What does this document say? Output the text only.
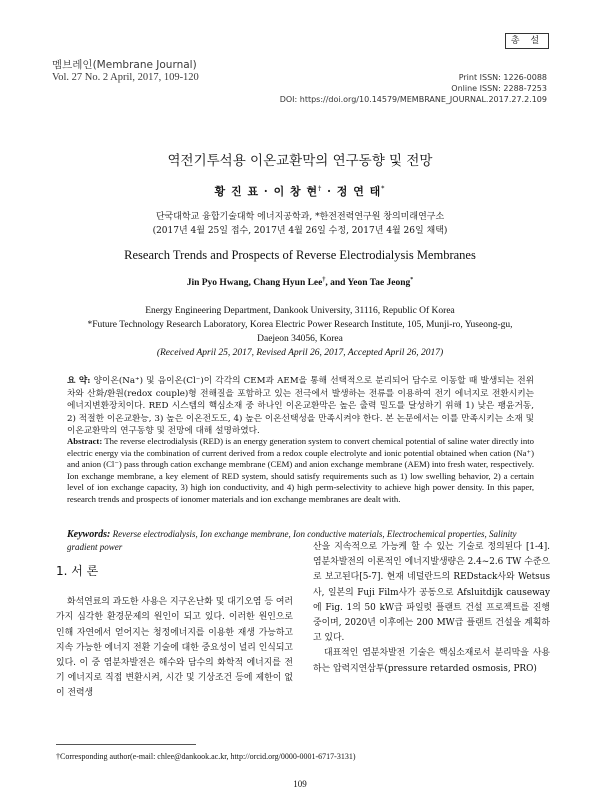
멤브레인(Membrane Journal)
Vol. 27 No. 2 April, 2017, 109-120
총 설
Print ISSN: 1226-0088
Online ISSN: 2288-7253
DOI: https://doi.org/10.14579/MEMBRANE_JOURNAL.2017.27.2.109
역전기투석용 이온교환막의 연구동향 및 전망
황 진 표 · 이 창 현† · 정 연 태*
단국대학교 융합기술대학 에너지공학과, *한전전력연구원 창의미래연구소
(2017년 4월 25일 접수, 2017년 4월 26일 수정, 2017년 4월 26일 채택)
Research Trends and Prospects of Reverse Electrodialysis Membranes
Jin Pyo Hwang, Chang Hyun Lee†, and Yeon Tae Jeong*
Energy Engineering Department, Dankook University, 31116, Republic Of Korea
*Future Technology Research Laboratory, Korea Electric Power Research Institute, 105, Munji-ro, Yuseong-gu,
Daejeon 34056, Korea
(Received April 25, 2017, Revised April 26, 2017, Accepted April 26, 2017)
요 약: 양이온(Na⁺) 및 음이온(Cl⁻)이 각각의 CEM과 AEM을 통해 선택적으로 분리되어 담수로 이동할 때 발생되는 전위차와 산화/환원(redox couple)형 전해질을 포함하고 있는 전극에서 발생하는 전류를 이용하여 전기 에너지로 전환시키는 에너지변환장치이다. RED 시스템의 핵심소재 중 하나인 이온교환막은 높은 출력 밀도를 달성하기 위해 1) 낮은 팽윤거동, 2) 적절한 이온교환능, 3) 높은 이온전도도, 4) 높은 이온선택성을 만족시켜야 한다. 본 논문에서는 이를 만족시키는 소재 및 이온교환막의 연구동향 및 전망에 대해 설명하였다.
Abstract: The reverse electrodialysis (RED) is an energy generation system to convert chemical potential of saline water directly into electric energy via the combination of current derived from a redox couple electrolyte and ionic potential obtained when cation (Na⁺) and anion (Cl⁻) pass through cation exchange membrane (CEM) and anion exchange membrane (AEM) into fresh water, respectively. Ion exchange membrane, a key element of RED system, should satisfy requirements such as 1) low swelling behavior, 2) a certain level of ion exchange capacity, 3) high ion conductivity, and 4) high perm-selectivity to achieve high power density. In this paper, research trends and prospects of ionomer materials and ion exchange membranes are dealt with.
Keywords: Reverse electrodialysis, Ion exchange membrane, Ion conductive materials, Electrochemical properties, Salinity gradient power
1. 서 론

화석연료의 과도한 사용은 지구온난화 및 대기오염 등 여러 가지 심각한 환경문제의 원인이 되고 있다. 이러한 원인으로 인해 자연에서 얻어지는 청정에너지를 이용한 재생 가능하고 지속 가능한 에너지 전환 기술에 대한 중요성이 널리 인식되고 있다. 이 중 염분차발전은 해수와 담수의 화학적 에너지를 전기 에너지로 직접 변환시켜, 시간 및 기상조건 등에 제한이 없이 전력생

산을 지속적으로 가능케 할 수 있는 기술로 정의된다 [1-4]. 염분차발전의 이론적인 에너지발생량은 2.4~2.6 TW 수준으로 보고된다[5-7]. 현재 네덜란드의 REDstack사와 Wetsus사, 일본의 Fuji Film사가 공동으로 Afsluitdijk causeway에 Fig. 1의 50 kW급 파일럿 플랜트 건설 프로젝트를 진행 중이며, 2020년 이후에는 200 MW급 플랜트 건설을 계획하고 있다.

대표적인 염분차발전 기술은 핵심소재로서 분리막을 사용하는 압력지연삼투(pressure retarded osmosis, PRO)

†Corresponding author(e-mail: chlee@dankook.ac.kr, http://orcid.org/0000-0001-6717-3131)
109
